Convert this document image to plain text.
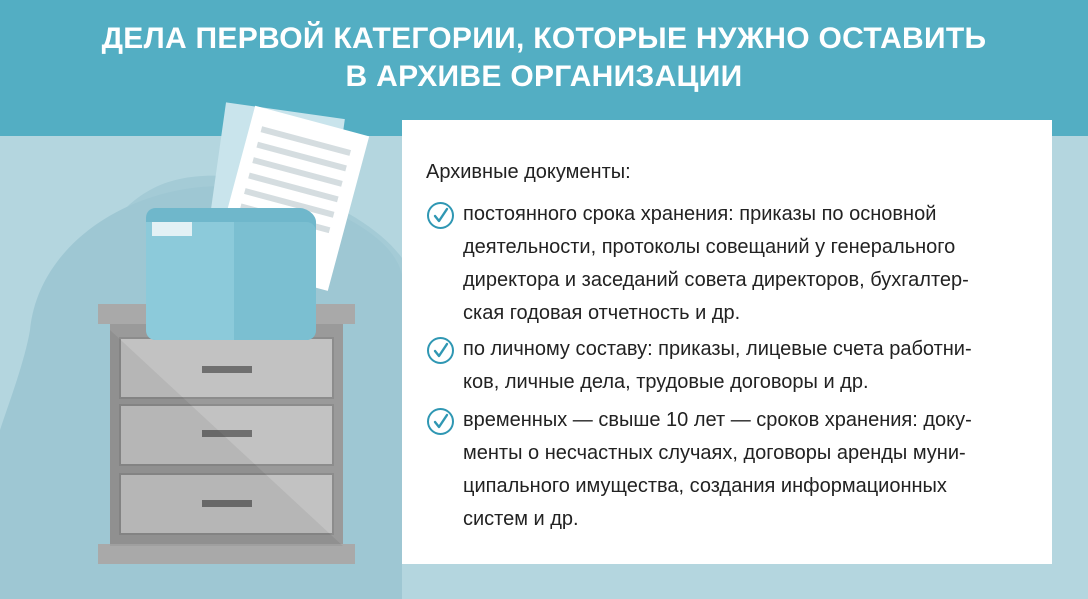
ДЕЛА ПЕРВОЙ КАТЕГОРИИ, КОТОРЫЕ НУЖНО ОСТАВИТЬ
В АРХИВЕ ОРГАНИЗАЦИИ
Архивные документы:
постоянного срока хранения: приказы по основной
деятельности, протоколы совещаний у генерального
директора и заседаний совета директоров, бухгалтер-
ская годовая отчетность и др.
по личному составу: приказы, лицевые счета работни-
ков, личные дела, трудовые договоры и др.
временных — свыше 10 лет — сроков хранения: доку-
менты о несчастных случаях, договоры аренды муни-
ципального имущества, создания информационных
систем и др.
